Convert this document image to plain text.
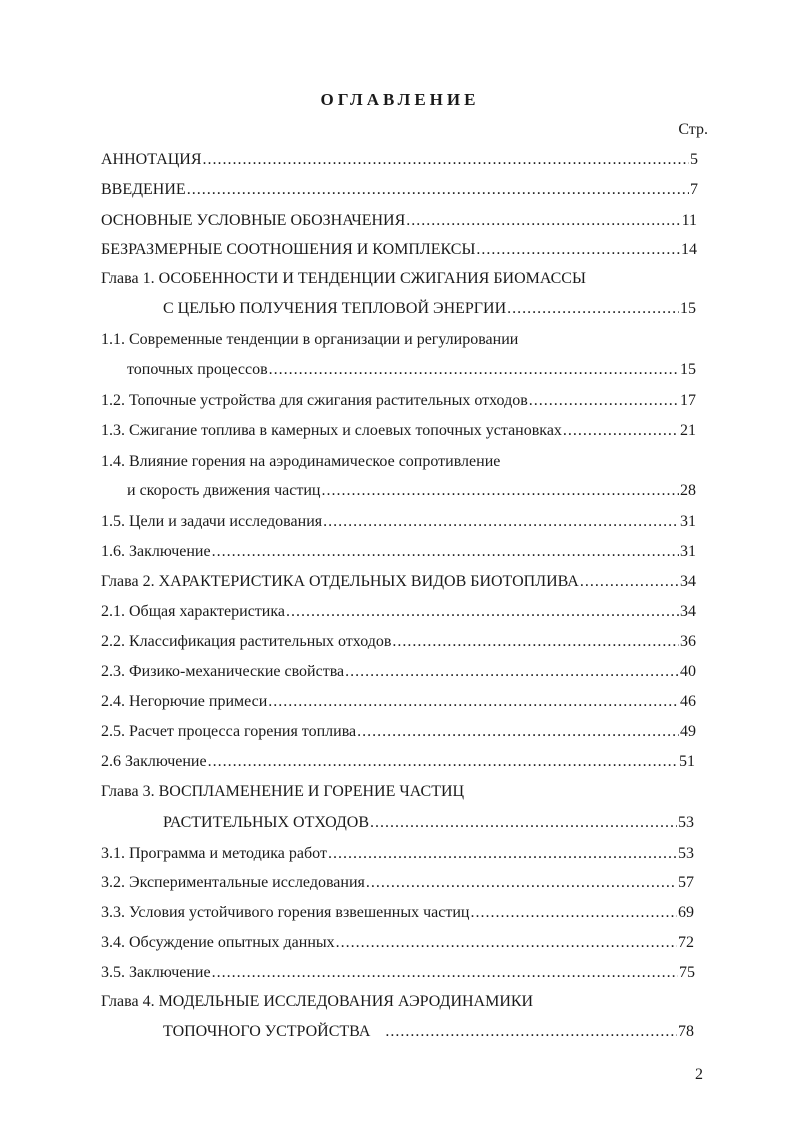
ОГЛАВЛЕНИЕ
Стр.
АННОТАЦИЯ .....	5
ВВЕДЕНИЕ .....	7
ОСНОВНЫЕ УСЛОВНЫЕ ОБОЗНАЧЕНИЯ .....	11
БЕЗРАЗМЕРНЫЕ СООТНОШЕНИЯ И КОМПЛЕКСЫ .....	14
Глава 1. ОСОБЕННОСТИ И ТЕНДЕНЦИИ СЖИГАНИЯ БИОМАССЫ
С ЦЕЛЬЮ ПОЛУЧЕНИЯ ТЕПЛОВОЙ ЭНЕРГИИ .....	15
1.1. Современные тенденции в организации и регулировании
топочных процессов .....	15
1.2. Топочные устройства для сжигания растительных отходов .....	17
1.3. Сжигание топлива в камерных и слоевых топочных установках .....	21
1.4. Влияние горения на аэродинамическое сопротивление
и скорость движения частиц .....	28
1.5. Цели и задачи исследования .....	31
1.6. Заключение .....	31
Глава 2. ХАРАКТЕРИСТИКА ОТДЕЛЬНЫХ ВИДОВ БИОТОПЛИВА .....	34
2.1. Общая характеристика .....	34
2.2. Классификация растительных отходов .....	36
2.3. Физико-механические свойства .....	40
2.4. Негорючие примеси .....	46
2.5. Расчет процесса горения топлива .....	49
2.6 Заключение .....	51
Глава 3. ВОСПЛАМЕНЕНИЕ И ГОРЕНИЕ ЧАСТИЦ
РАСТИТЕЛЬНЫХ ОТХОДОВ .....	53
3.1. Программа и методика работ .....	53
3.2. Экспериментальные исследования .....	57
3.3. Условия устойчивого горения взвешенных частиц .....	69
3.4. Обсуждение опытных данных .....	72
3.5. Заключение .....	75
Глава 4. МОДЕЛЬНЫЕ ИССЛЕДОВАНИЯ АЭРОДИНАМИКИ
ТОПОЧНОГО УСТРОЙСТВА .....	78
2
